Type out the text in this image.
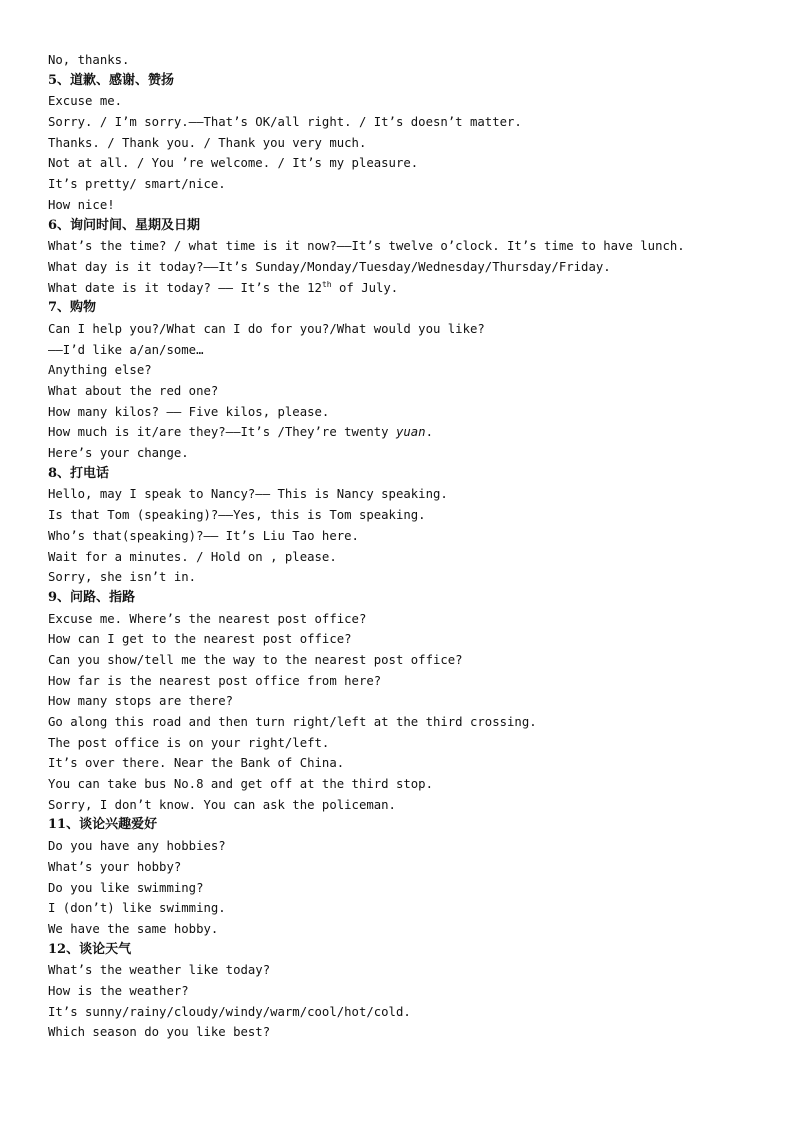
No, thanks.
5、道歉、感谢、赞扬
Excuse me.
Sorry. / I’m sorry.——That’s OK/all right. / It’s doesn’t matter.
Thanks. / Thank you. / Thank you very much.
Not at all. / You ’re welcome. / It’s my pleasure.
It’s pretty/ smart/nice.
How nice!
6、询问时间、星期及日期
What’s the time? / what time is it now?——It’s twelve o’clock. It’s time to have lunch.
What day is it today?——It’s Sunday/Monday/Tuesday/Wednesday/Thursday/Friday.
What date is it today? —— It’s the 12th of July.
7、购物
Can I help you?/What can I do for you?/What would you like?
——I’d like a/an/some…
Anything else?
What about the red one?
How many kilos? —— Five kilos, please.
How much is it/are they?——It’s /They’re twenty yuan.
Here’s your change.
8、打电话
Hello, may I speak to Nancy?—— This is Nancy speaking.
Is that Tom (speaking)?——Yes, this is Tom speaking.
Who’s that(speaking)?—— It’s Liu Tao here.
Wait for a minutes. / Hold on , please.
Sorry, she isn’t in.
9、问路、指路
Excuse me. Where’s the nearest post office?
How can I get to the nearest post office?
Can you show/tell me the way to the nearest post office?
How far is the nearest post office from here?
How many stops are there?
Go along this road and then turn right/left at the third crossing.
The post office is on your right/left.
It’s over there. Near the Bank of China.
You can take bus No.8 and get off at the third stop.
Sorry, I don’t know. You can ask the policeman.
11、谈论兴趣爱好
Do you have any hobbies?
What’s your hobby?
Do you like swimming?
I (don’t) like swimming.
We have the same hobby.
12、谈论天气
What’s the weather like today?
How is the weather?
It’s sunny/rainy/cloudy/windy/warm/cool/hot/cold.
Which season do you like best?
